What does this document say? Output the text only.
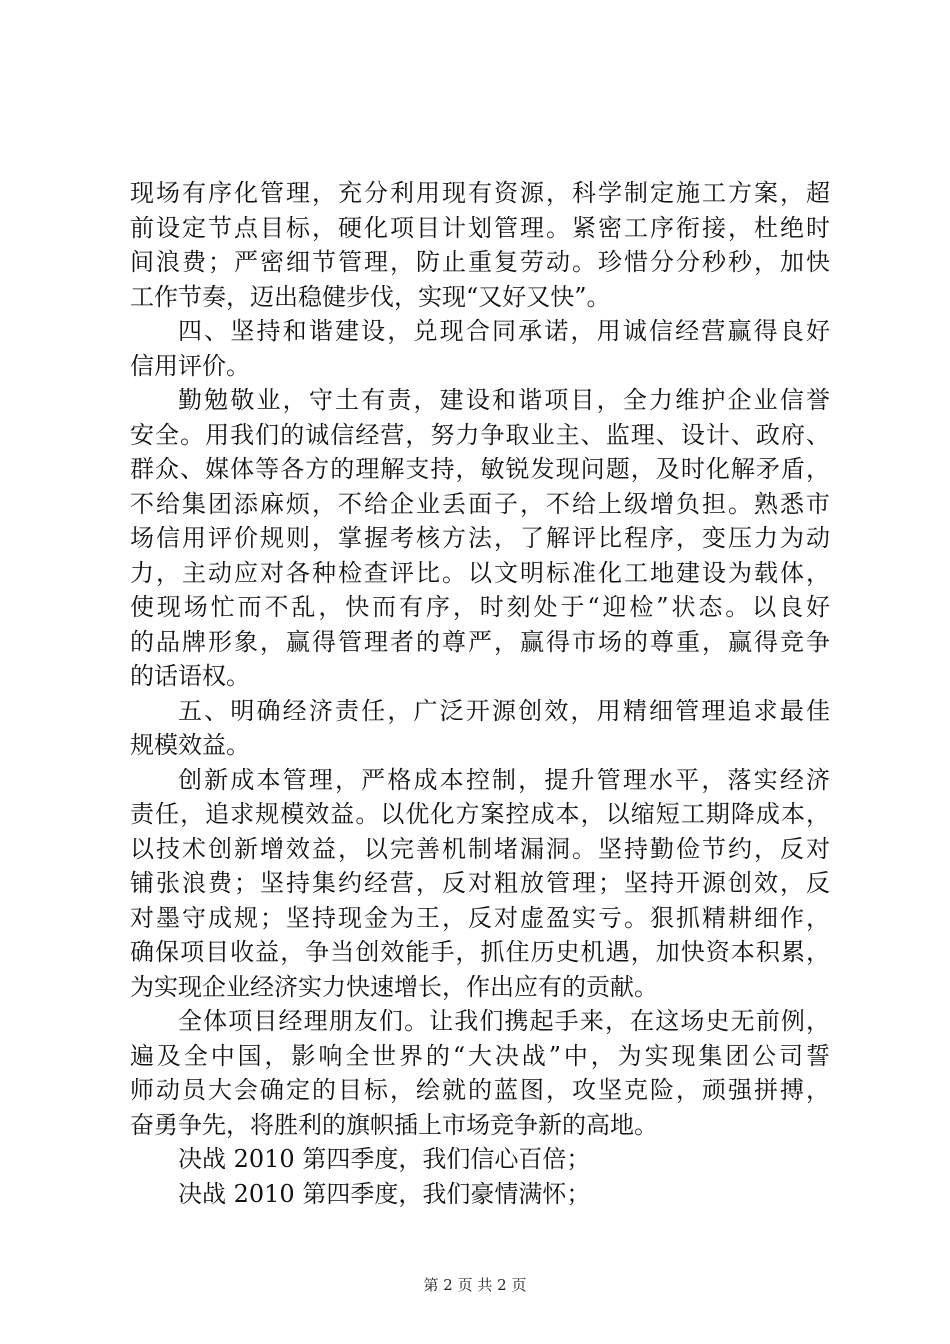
现场有序化管理，充分利用现有资源，科学制定施工方案，超
前设定节点目标，硬化项目计划管理。紧密工序衔接，杜绝时
间浪费；严密细节管理，防止重复劳动。珍惜分分秒秒，加快
工作节奏，迈出稳健步伐，实现“又好又快”。
四、坚持和谐建设，兑现合同承诺，用诚信经营赢得良好
信用评价。
勤勉敬业，守土有责，建设和谐项目，全力维护企业信誉
安全。用我们的诚信经营，努力争取业主、监理、设计、政府、
群众、媒体等各方的理解支持，敏锐发现问题，及时化解矛盾，
不给集团添麻烦，不给企业丢面子，不给上级增负担。熟悉市
场信用评价规则，掌握考核方法，了解评比程序，变压力为动
力，主动应对各种检查评比。以文明标准化工地建设为载体，
使现场忙而不乱，快而有序，时刻处于“迎检”状态。以良好
的品牌形象，赢得管理者的尊严，赢得市场的尊重，赢得竞争
的话语权。
五、明确经济责任，广泛开源创效，用精细管理追求最佳
规模效益。
创新成本管理，严格成本控制，提升管理水平，落实经济
责任，追求规模效益。以优化方案控成本，以缩短工期降成本，
以技术创新增效益，以完善机制堵漏洞。坚持勤俭节约，反对
铺张浪费；坚持集约经营，反对粗放管理；坚持开源创效，反
对墨守成规；坚持现金为王，反对虚盈实亏。狠抓精耕细作，
确保项目收益，争当创效能手，抓住历史机遇，加快资本积累，
为实现企业经济实力快速增长，作出应有的贡献。
全体项目经理朋友们。让我们携起手来，在这场史无前例，
遍及全中国，影响全世界的“大决战”中，为实现集团公司誓
师动员大会确定的目标，绘就的蓝图，攻坚克险，顽强拼搏，
奋勇争先，将胜利的旗帜插上市场竞争新的高地。
决战 2010 第四季度，我们信心百倍；
决战 2010 第四季度，我们豪情满怀；
第 2 页 共 2 页
